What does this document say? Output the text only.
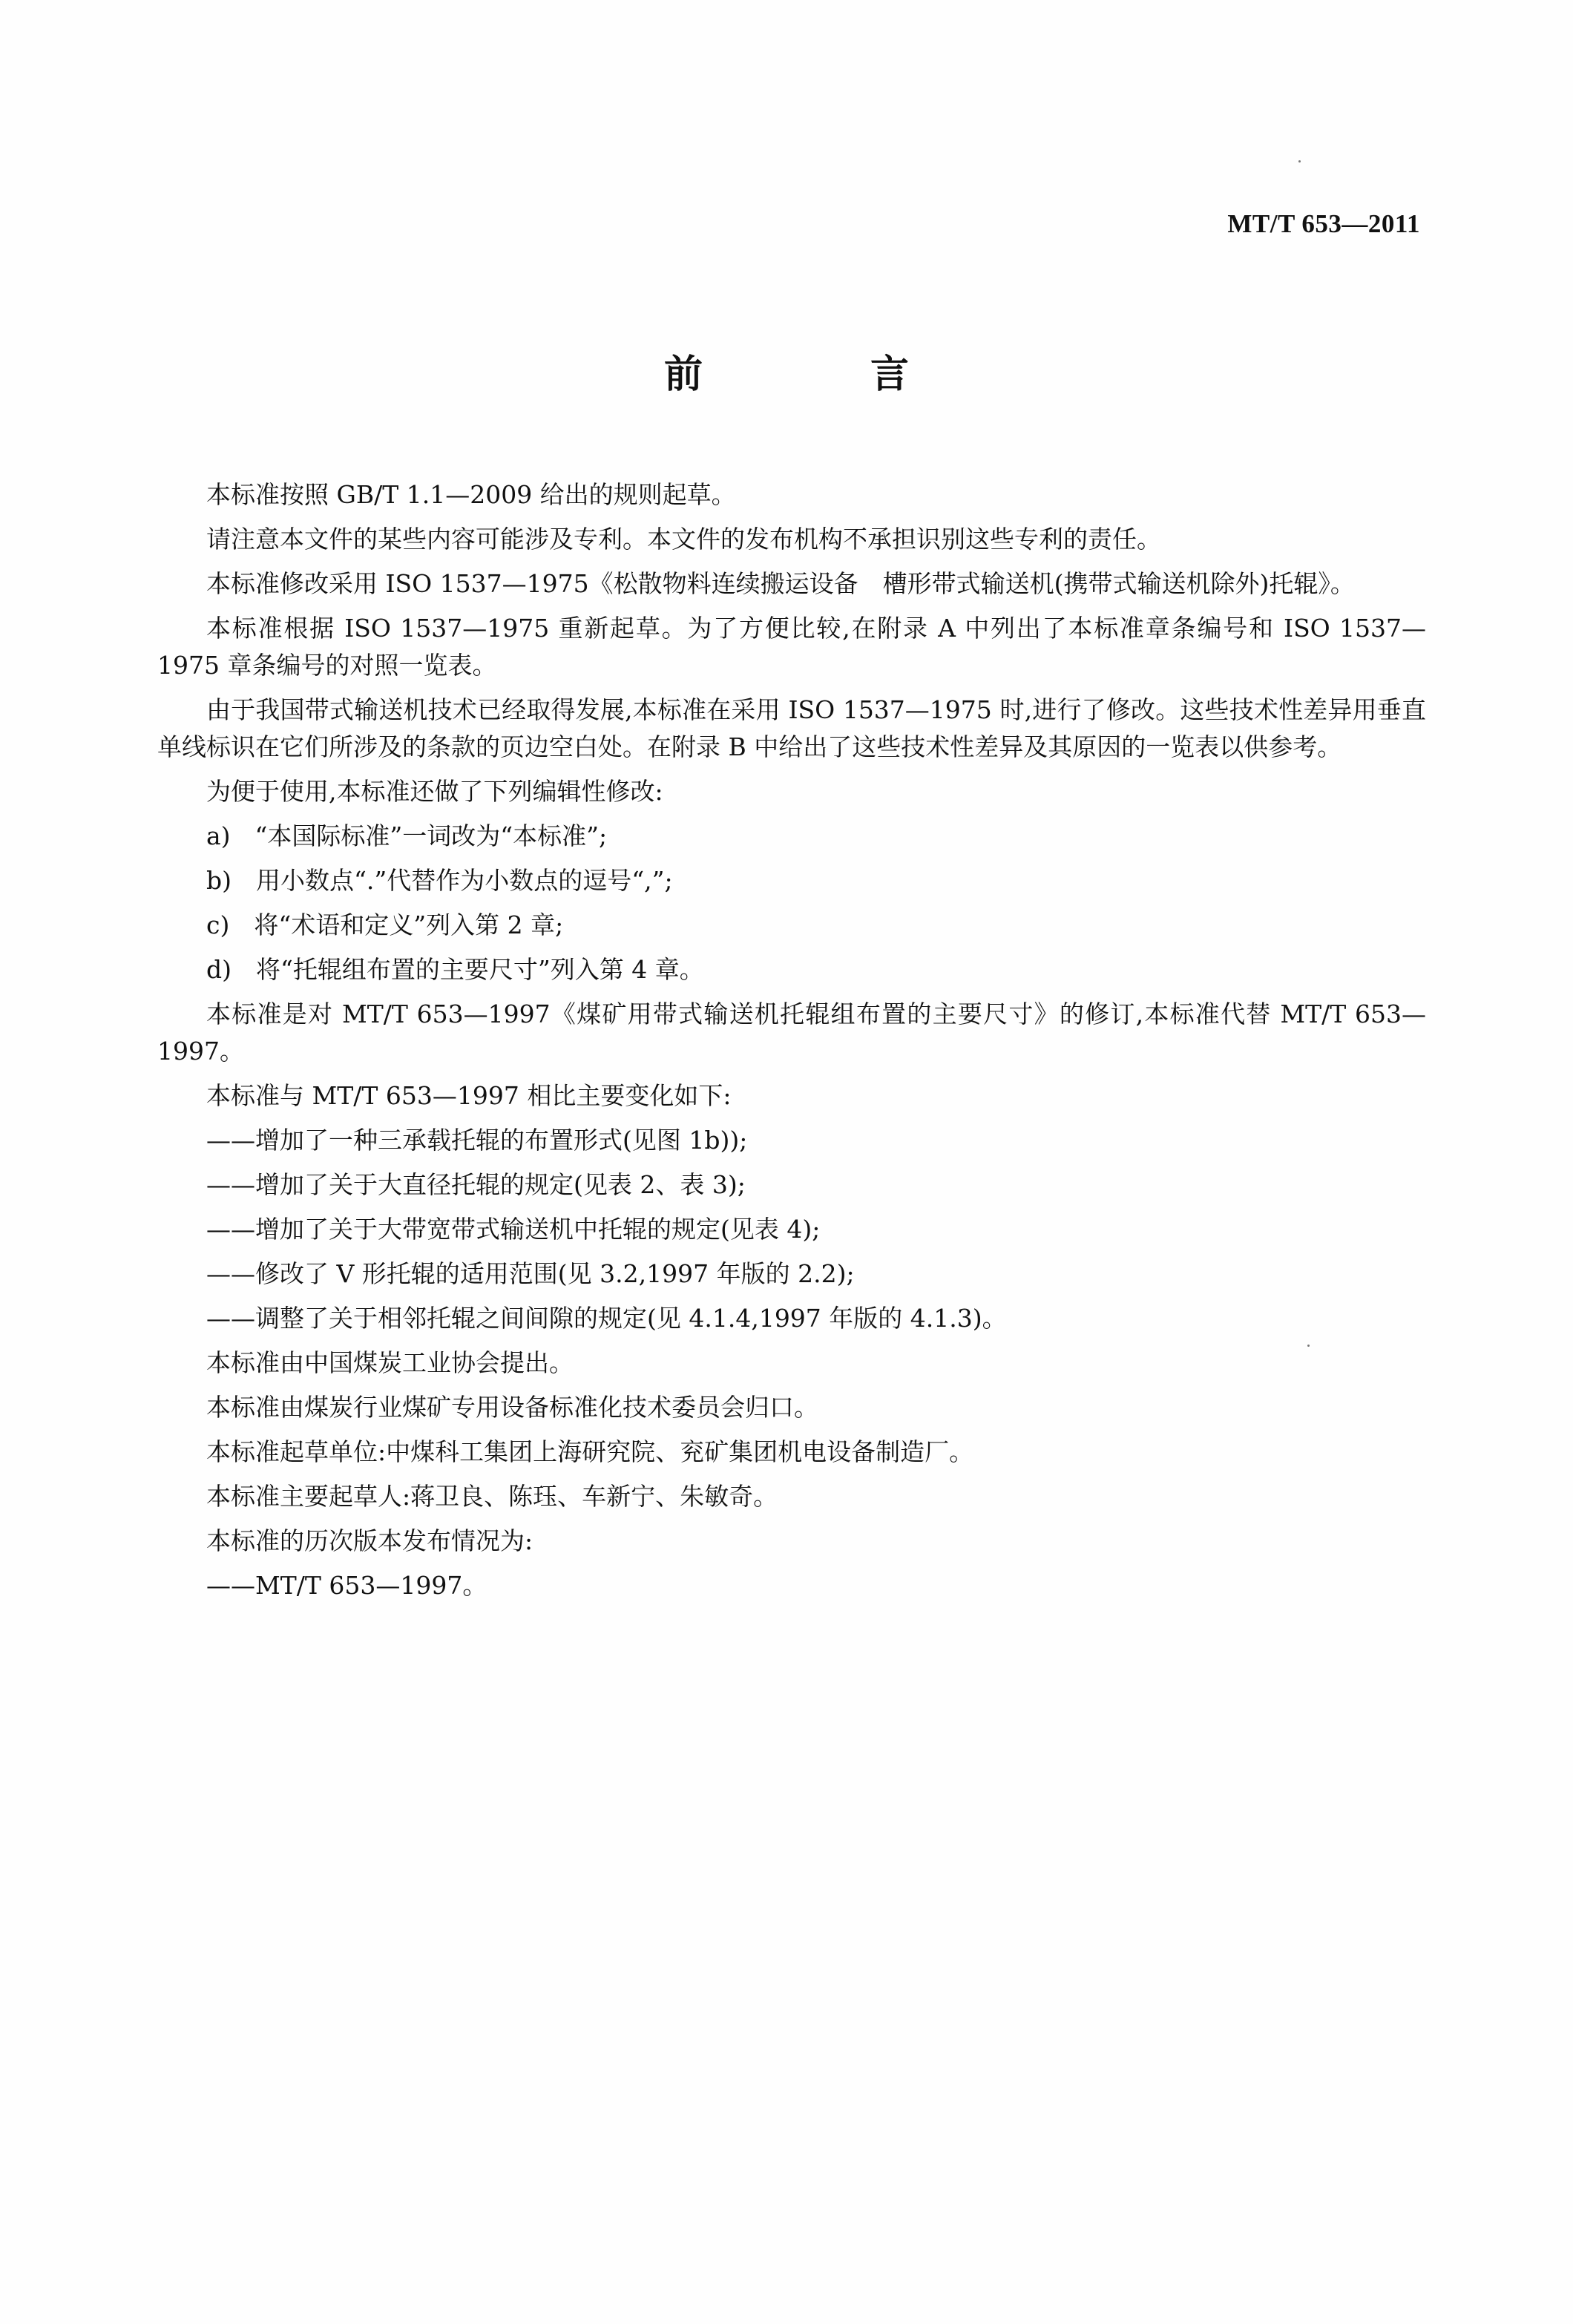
MT/T 653—2011
前 言

本标准按照 GB/T 1.1—2009 给出的规则起草。

请注意本文件的某些内容可能涉及专利。本文件的发布机构不承担识别这些专利的责任。

本标准修改采用 ISO 1537—1975《松散物料连续搬运设备　槽形带式输送机(携带式输送机除外)托辊》。

本标准根据 ISO 1537—1975 重新起草。为了方便比较,在附录 A 中列出了本标准章条编号和 ISO 1537—1975 章条编号的对照一览表。

由于我国带式输送机技术已经取得发展,本标准在采用 ISO 1537—1975 时,进行了修改。这些技术性差异用垂直单线标识在它们所涉及的条款的页边空白处。在附录 B 中给出了这些技术性差异及其原因的一览表以供参考。

为便于使用,本标准还做了下列编辑性修改:

a)　“本国际标准”一词改为“本标准”;

b)　用小数点“.”代替作为小数点的逗号“,”;

c)　将“术语和定义”列入第 2 章;

d)　将“托辊组布置的主要尺寸”列入第 4 章。

本标准是对 MT/T 653—1997《煤矿用带式输送机托辊组布置的主要尺寸》的修订,本标准代替 MT/T 653—1997。

本标准与 MT/T 653—1997 相比主要变化如下:

——增加了一种三承载托辊的布置形式(见图 1b));

——增加了关于大直径托辊的规定(见表 2、表 3);

——增加了关于大带宽带式输送机中托辊的规定(见表 4);

——修改了 V 形托辊的适用范围(见 3.2,1997 年版的 2.2);

——调整了关于相邻托辊之间间隙的规定(见 4.1.4,1997 年版的 4.1.3)。

本标准由中国煤炭工业协会提出。

本标准由煤炭行业煤矿专用设备标准化技术委员会归口。

本标准起草单位:中煤科工集团上海研究院、兖矿集团机电设备制造厂。

本标准主要起草人:蒋卫良、陈珏、车新宁、朱敏奇。

本标准的历次版本发布情况为:

——MT/T 653—1997。
